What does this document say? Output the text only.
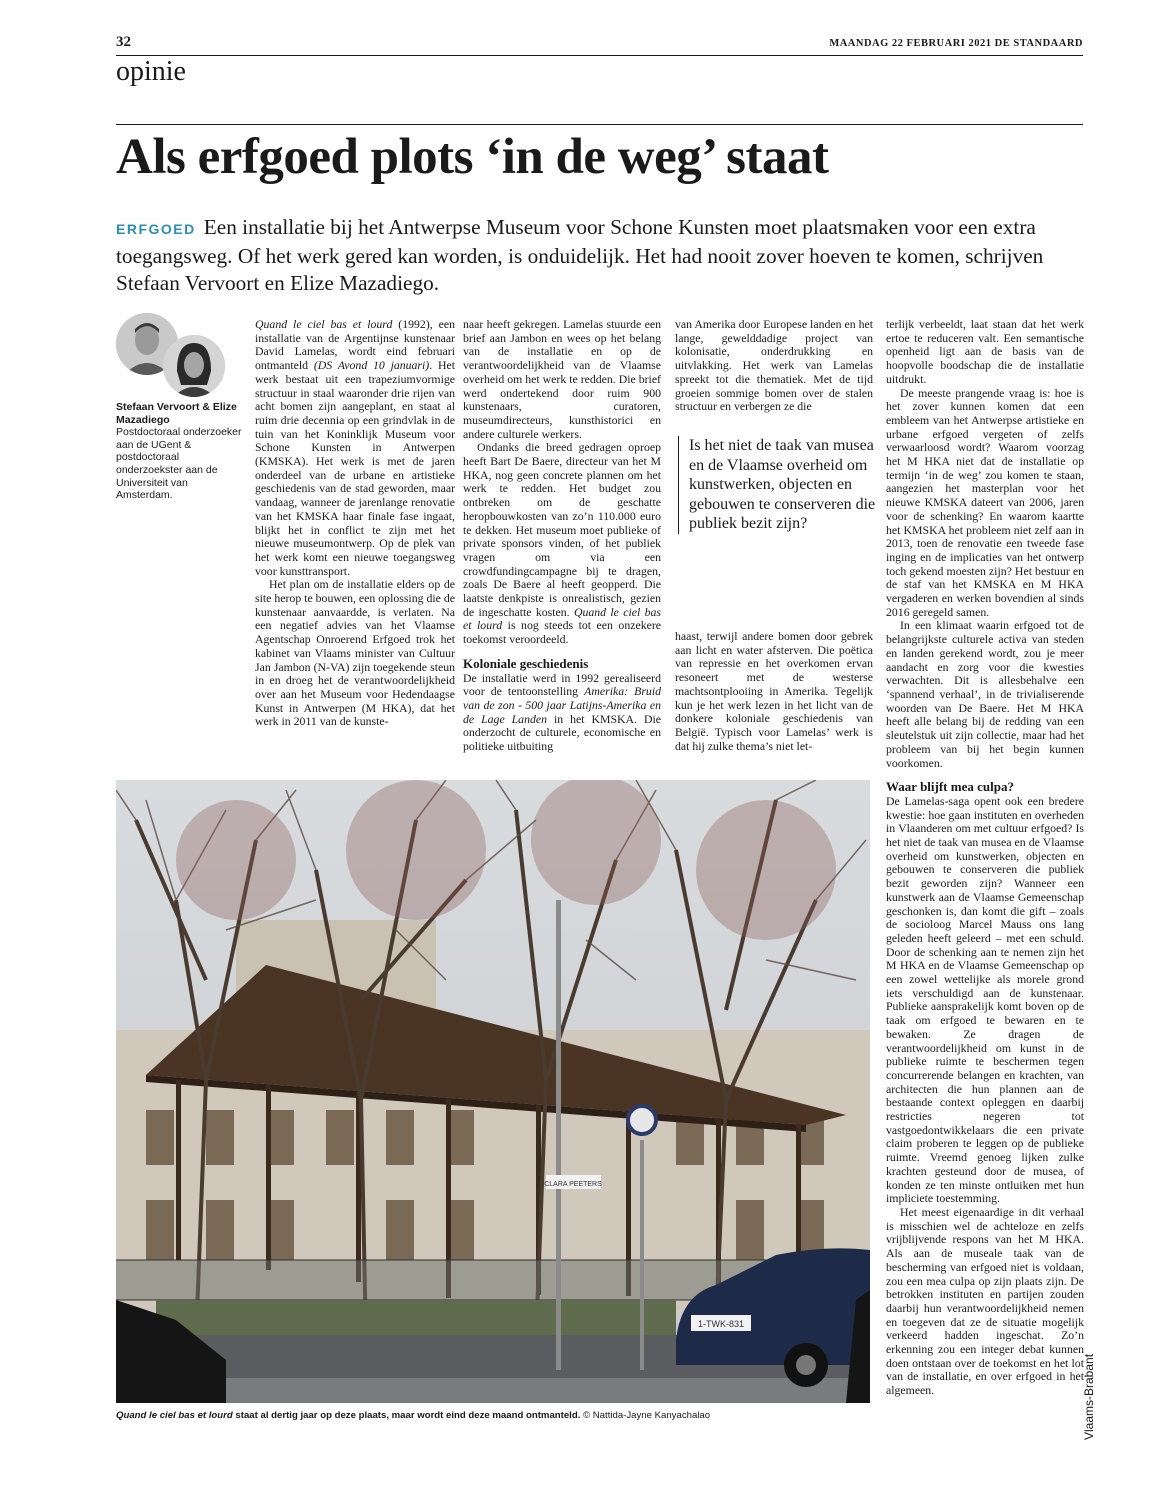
32	MAANDAG 22 FEBRUARI 2021 DE STANDAARD
opinie
Als erfgoed plots ‘in de weg’ staat
ERFGOED Een installatie bij het Antwerpse Museum voor Schone Kunsten moet plaatsmaken voor een extra toegangsweg. Of het werk gered kan worden, is onduidelijk. Het had nooit zover hoeven te komen, schrijven Stefaan Vervoort en Elize Mazadiego.
Stefaan Vervoort & Elize Mazadiego
Postdoctoraal onderzoeker aan de UGent & postdoctoraal onderzoekster aan de Universiteit van Amsterdam.

Quand le ciel bas et lourd (1992), een installatie van de Argentijnse kunstenaar David Lamelas, wordt eind februari ontmanteld (DS Avond 10 januari). Het werk bestaat uit een trapeziumvormige structuur in staal waaronder drie rijen van acht bomen zijn aangeplant, en staat al ruim drie decennia op een grindvlak in de tuin van het Koninklijk Museum voor Schone Kunsten in Antwerpen (KMSKA). Het werk is met de jaren onderdeel van de urbane en artistieke geschiedenis van de stad geworden, maar vandaag, wanneer de jarenlange renovatie van het KMSKA haar finale fase ingaat, blijkt het in conflict te zijn met het nieuwe museumontwerp. Op de plek van het werk komt een nieuwe toegangsweg voor kunsttransport.

Het plan om de installatie elders op de site herop te bouwen, een oplossing die de kunstenaar aanvaardde, is verlaten. Na een negatief advies van het Vlaamse Agentschap Onroerend Erfgoed trok het kabinet van Vlaams minister van Cultuur Jan Jambon (N-VA) zijn toegekende steun in en droeg het de verantwoordelijkheid over aan het Museum voor Hedendaagse Kunst in Antwerpen (M HKA), dat het werk in 2011 van de kunste-

naar heeft gekregen. Lamelas stuurde een brief aan Jambon en wees op het belang van de installatie en op de verantwoordelijkheid van de Vlaamse overheid om het werk te redden. Die brief werd ondertekend door ruim 900 kunstenaars, curatoren, museumdirecteurs, kunsthistorici en andere culturele werkers.

Ondanks die breed gedragen oproep heeft Bart De Baere, directeur van het M HKA, nog geen concrete plannen om het werk te redden. Het budget zou ontbreken om de geschatte heropbouwkosten van zo’n 110.000 euro te dekken. Het museum moet publieke of private sponsors vinden, of het publiek vragen om via een crowdfundingcampagne bij te dragen, zoals De Baere al heeft geopperd. Die laatste denkpiste is onrealistisch, gezien de ingeschatte kosten. Quand le ciel bas et lourd is nog steeds tot een onzekere toekomst veroordeeld.

Koloniale geschiedenis

De installatie werd in 1992 gerealiseerd voor de tentoonstelling Amerika: Bruid van de zon - 500 jaar Latijns-Amerika en de Lage Landen in het KMSKA. Die onderzocht de culturele, economische en politieke uitbuiting

van Amerika door Europese landen en het lange, gewelddadige project van kolonisatie, onderdrukking en uitvlakking. Het werk van Lamelas spreekt tot die thematiek. Met de tijd groeien sommige bomen over de stalen structuur en verbergen ze die

Is het niet de taak van musea en de Vlaamse overheid om kunstwerken, objecten en gebouwen te conserveren die publiek bezit zijn?

haast, terwijl andere bomen door gebrek aan licht en water afsterven. Die poëtica van repressie en het overkomen ervan resoneert met de westerse machtsontplooiing in Amerika. Tegelijk kun je het werk lezen in het licht van de donkere koloniale geschiedenis van België. Typisch voor Lamelas’ werk is dat hij zulke thema’s niet let-

terlijk verbeeldt, laat staan dat het werk ertoe te reduceren valt. Een semantische openheid ligt aan de basis van de hoopvolle boodschap die de installatie uitdrukt.

De meeste prangende vraag is: hoe is het zover kunnen komen dat een embleem van het Antwerpse artistieke en urbane erfgoed vergeten of zelfs verwaarloosd wordt? Waarom voorzag het M HKA niet dat de installatie op termijn ‘in de weg’ zou komen te staan, aangezien het masterplan voor het nieuwe KMSKA dateert van 2006, jaren voor de schenking? En waarom kaartte het KMSKA het probleem niet zelf aan in 2013, toen de renovatie een tweede fase inging en de implicaties van het ontwerp toch gekend moesten zijn? Het bestuur en de staf van het KMSKA en M HKA vergaderen en werken bovendien al sinds 2016 geregeld samen.

In een klimaat waarin erfgoed tot de belangrijkste culturele activa van steden en landen gerekend wordt, zou je meer aandacht en zorg voor die kwesties verwachten. Dit is allesbehalve een ‘spannend verhaal’, in de trivialiserende woorden van De Baere. Het M HKA heeft alle belang bij de redding van een sleutelstuk uit zijn collectie, maar had het probleem van bij het begin kunnen voorkomen.

Waar blijft mea culpa?

De Lamelas-saga opent ook een bredere kwestie: hoe gaan instituten en overheden in Vlaanderen om met cultuur erfgoed? Is het niet de taak van musea en de Vlaamse overheid om kunstwerken, objecten en gebouwen te conserveren die publiek bezit geworden zijn? Wanneer een kunstwerk aan de Vlaamse Gemeenschap geschonken is, dan komt die gift – zoals de socioloog Marcel Mauss ons lang geleden heeft geleerd – met een schuld. Door de schenking aan te nemen zijn het M HKA en de Vlaamse Gemeenschap op een zowel wettelijke als morele grond iets verschuldigd aan de kunstenaar. Publieke aansprakelijk komt boven op de taak om erfgoed te bewaren en te bewaken. Ze dragen de verantwoordelijkheid om kunst in de publieke ruimte te beschermen tegen concurrerende belangen en krachten, van architecten die hun plannen aan de bestaande context opleggen en daarbij restricties negeren tot vastgoedontwikkelaars die een private claim proberen te leggen op de publieke ruimte. Vreemd genoeg lijken zulke krachten gesteund door de musea, of konden ze ten minste ontluiken met hun impliciete toestemming.

Het meest eigenaardige in dit verhaal is misschien wel de achteloze en zelfs vrijblijvende respons van het M HKA. Als aan de museale taak van de bescherming van erfgoed niet is voldaan, zou een mea culpa op zijn plaats zijn. De betrokken instituten en partijen zouden daarbij hun verantwoordelijkheid nemen en toegeven dat ze de situatie mogelijk verkeerd hadden ingeschat. Zo’n erkenning zou een integer debat kunnen doen ontstaan over de toekomst en het lot van de installatie, en over erfgoed in het algemeen.

CLARA PEETERS
1-TWK-831
Quand le ciel bas et lourd staat al dertig jaar op deze plaats, maar wordt eind deze maand ontmanteld. © Nattida-Jayne Kanyachalao	Vlaams-Brabant
